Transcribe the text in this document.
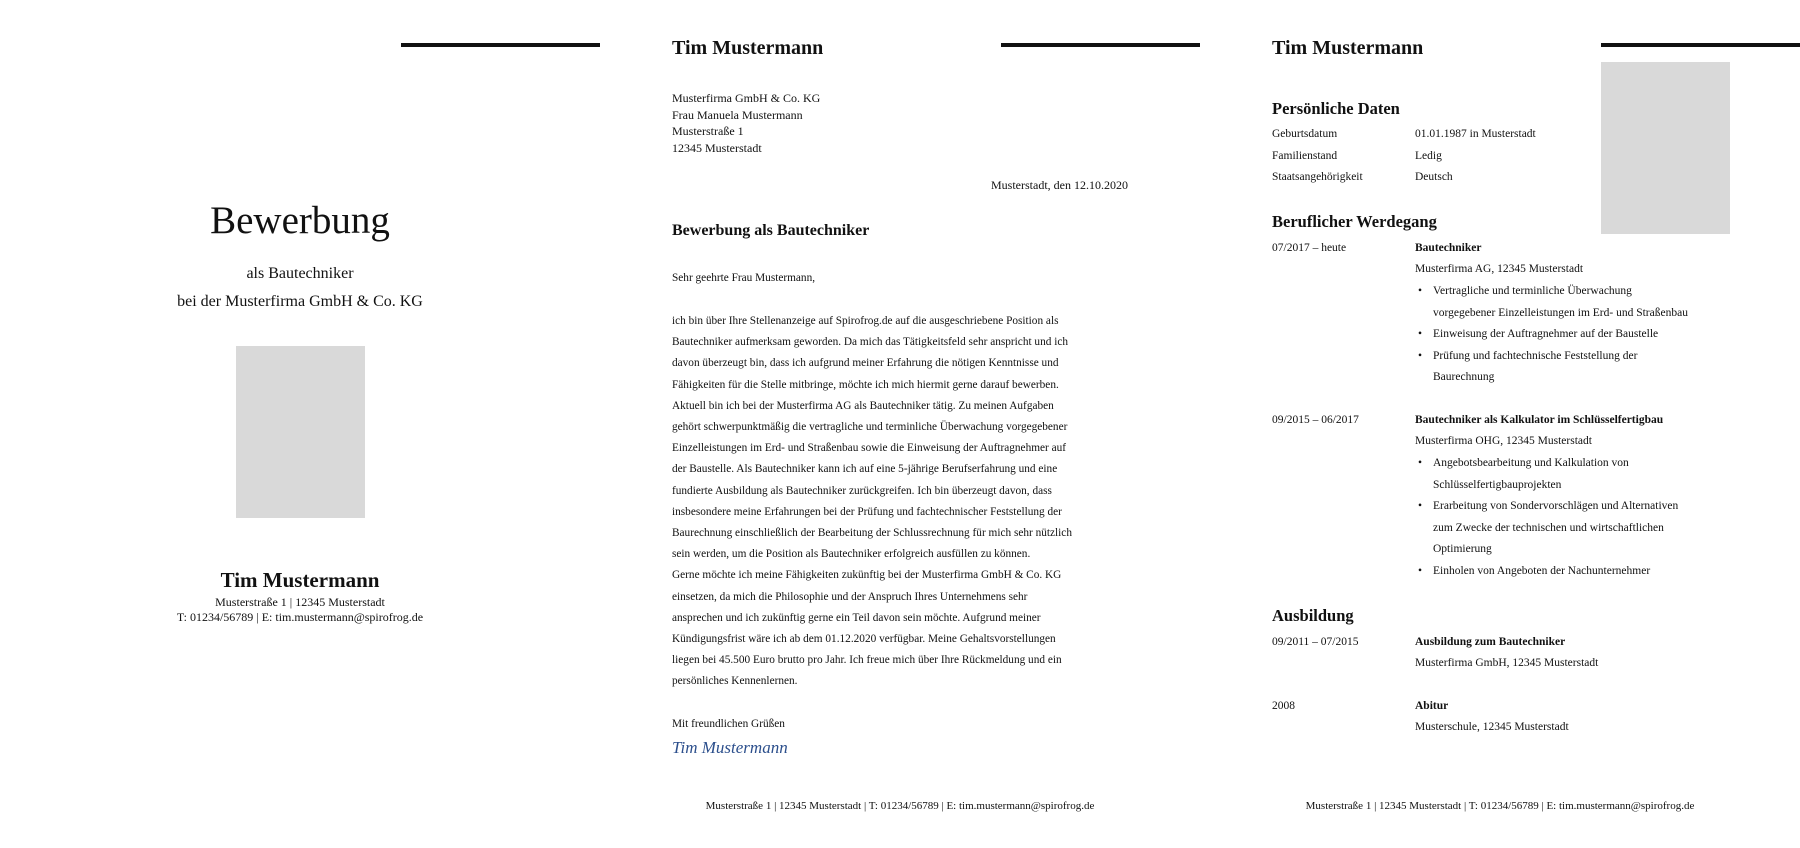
Bewerbung
als Bautechniker
bei der Musterfirma GmbH & Co. KG
Tim Mustermann
Musterstraße 1 | 12345 Musterstadt
T: 01234/56789 | E: tim.mustermann@spirofrog.de
Tim Mustermann
Musterfirma GmbH & Co. KG
Frau Manuela Mustermann
Musterstraße 1
12345 Musterstadt
Musterstadt, den 12.10.2020
Bewerbung als Bautechniker
Sehr geehrte Frau Mustermann,
ich bin über Ihre Stellenanzeige auf Spirofrog.de auf die ausgeschriebene Position als
Bautechniker aufmerksam geworden. Da mich das Tätigkeitsfeld sehr anspricht und ich
davon überzeugt bin, dass ich aufgrund meiner Erfahrung die nötigen Kenntnisse und
Fähigkeiten für die Stelle mitbringe, möchte ich mich hiermit gerne darauf bewerben.
Aktuell bin ich bei der Musterfirma AG als Bautechniker tätig. Zu meinen Aufgaben
gehört schwerpunktmäßig die vertragliche und terminliche Überwachung vorgegebener
Einzelleistungen im Erd- und Straßenbau sowie die Einweisung der Auftragnehmer auf
der Baustelle. Als Bautechniker kann ich auf eine 5-jährige Berufserfahrung und eine
fundierte Ausbildung als Bautechniker zurückgreifen. Ich bin überzeugt davon, dass
insbesondere meine Erfahrungen bei der Prüfung und fachtechnischer Feststellung der
Baurechnung einschließlich der Bearbeitung der Schlussrechnung für mich sehr nützlich
sein werden, um die Position als Bautechniker erfolgreich ausfüllen zu können.
Gerne möchte ich meine Fähigkeiten zukünftig bei der Musterfirma GmbH & Co. KG
einsetzen, da mich die Philosophie und der Anspruch Ihres Unternehmens sehr
ansprechen und ich zukünftig gerne ein Teil davon sein möchte. Aufgrund meiner
Kündigungsfrist wäre ich ab dem 01.12.2020 verfügbar. Meine Gehaltsvorstellungen
liegen bei 45.500 Euro brutto pro Jahr. Ich freue mich über Ihre Rückmeldung und ein
persönliches Kennenlernen.
Mit freundlichen Grüßen
Tim Mustermann
Musterstraße 1 | 12345 Musterstadt | T: 01234/56789 | E: tim.mustermann@spirofrog.de
Tim Mustermann
Persönliche Daten
Geburtsdatum	01.01.1987 in Musterstadt
Familienstand	Ledig
Staatsangehörigkeit	Deutsch
Beruflicher Werdegang
07/2017 – heute	Bautechniker
Musterfirma AG, 12345 Musterstadt
• Vertragliche und terminliche Überwachung
vorgegebener Einzelleistungen im Erd- und Straßenbau
• Einweisung der Auftragnehmer auf der Baustelle
• Prüfung und fachtechnische Feststellung der
Baurechnung
09/2015 – 06/2017	Bautechniker als Kalkulator im Schlüsselfertigbau
Musterfirma OHG, 12345 Musterstadt
• Angebotsbearbeitung und Kalkulation von
Schlüsselfertigbauprojekten
• Erarbeitung von Sondervorschlägen und Alternativen
zum Zwecke der technischen und wirtschaftlichen
Optimierung
• Einholen von Angeboten der Nachunternehmer
Ausbildung
09/2011 – 07/2015	Ausbildung zum Bautechniker
Musterfirma GmbH, 12345 Musterstadt
2008	Abitur
Musterschule, 12345 Musterstadt
Musterstraße 1 | 12345 Musterstadt | T: 01234/56789 | E: tim.mustermann@spirofrog.de
